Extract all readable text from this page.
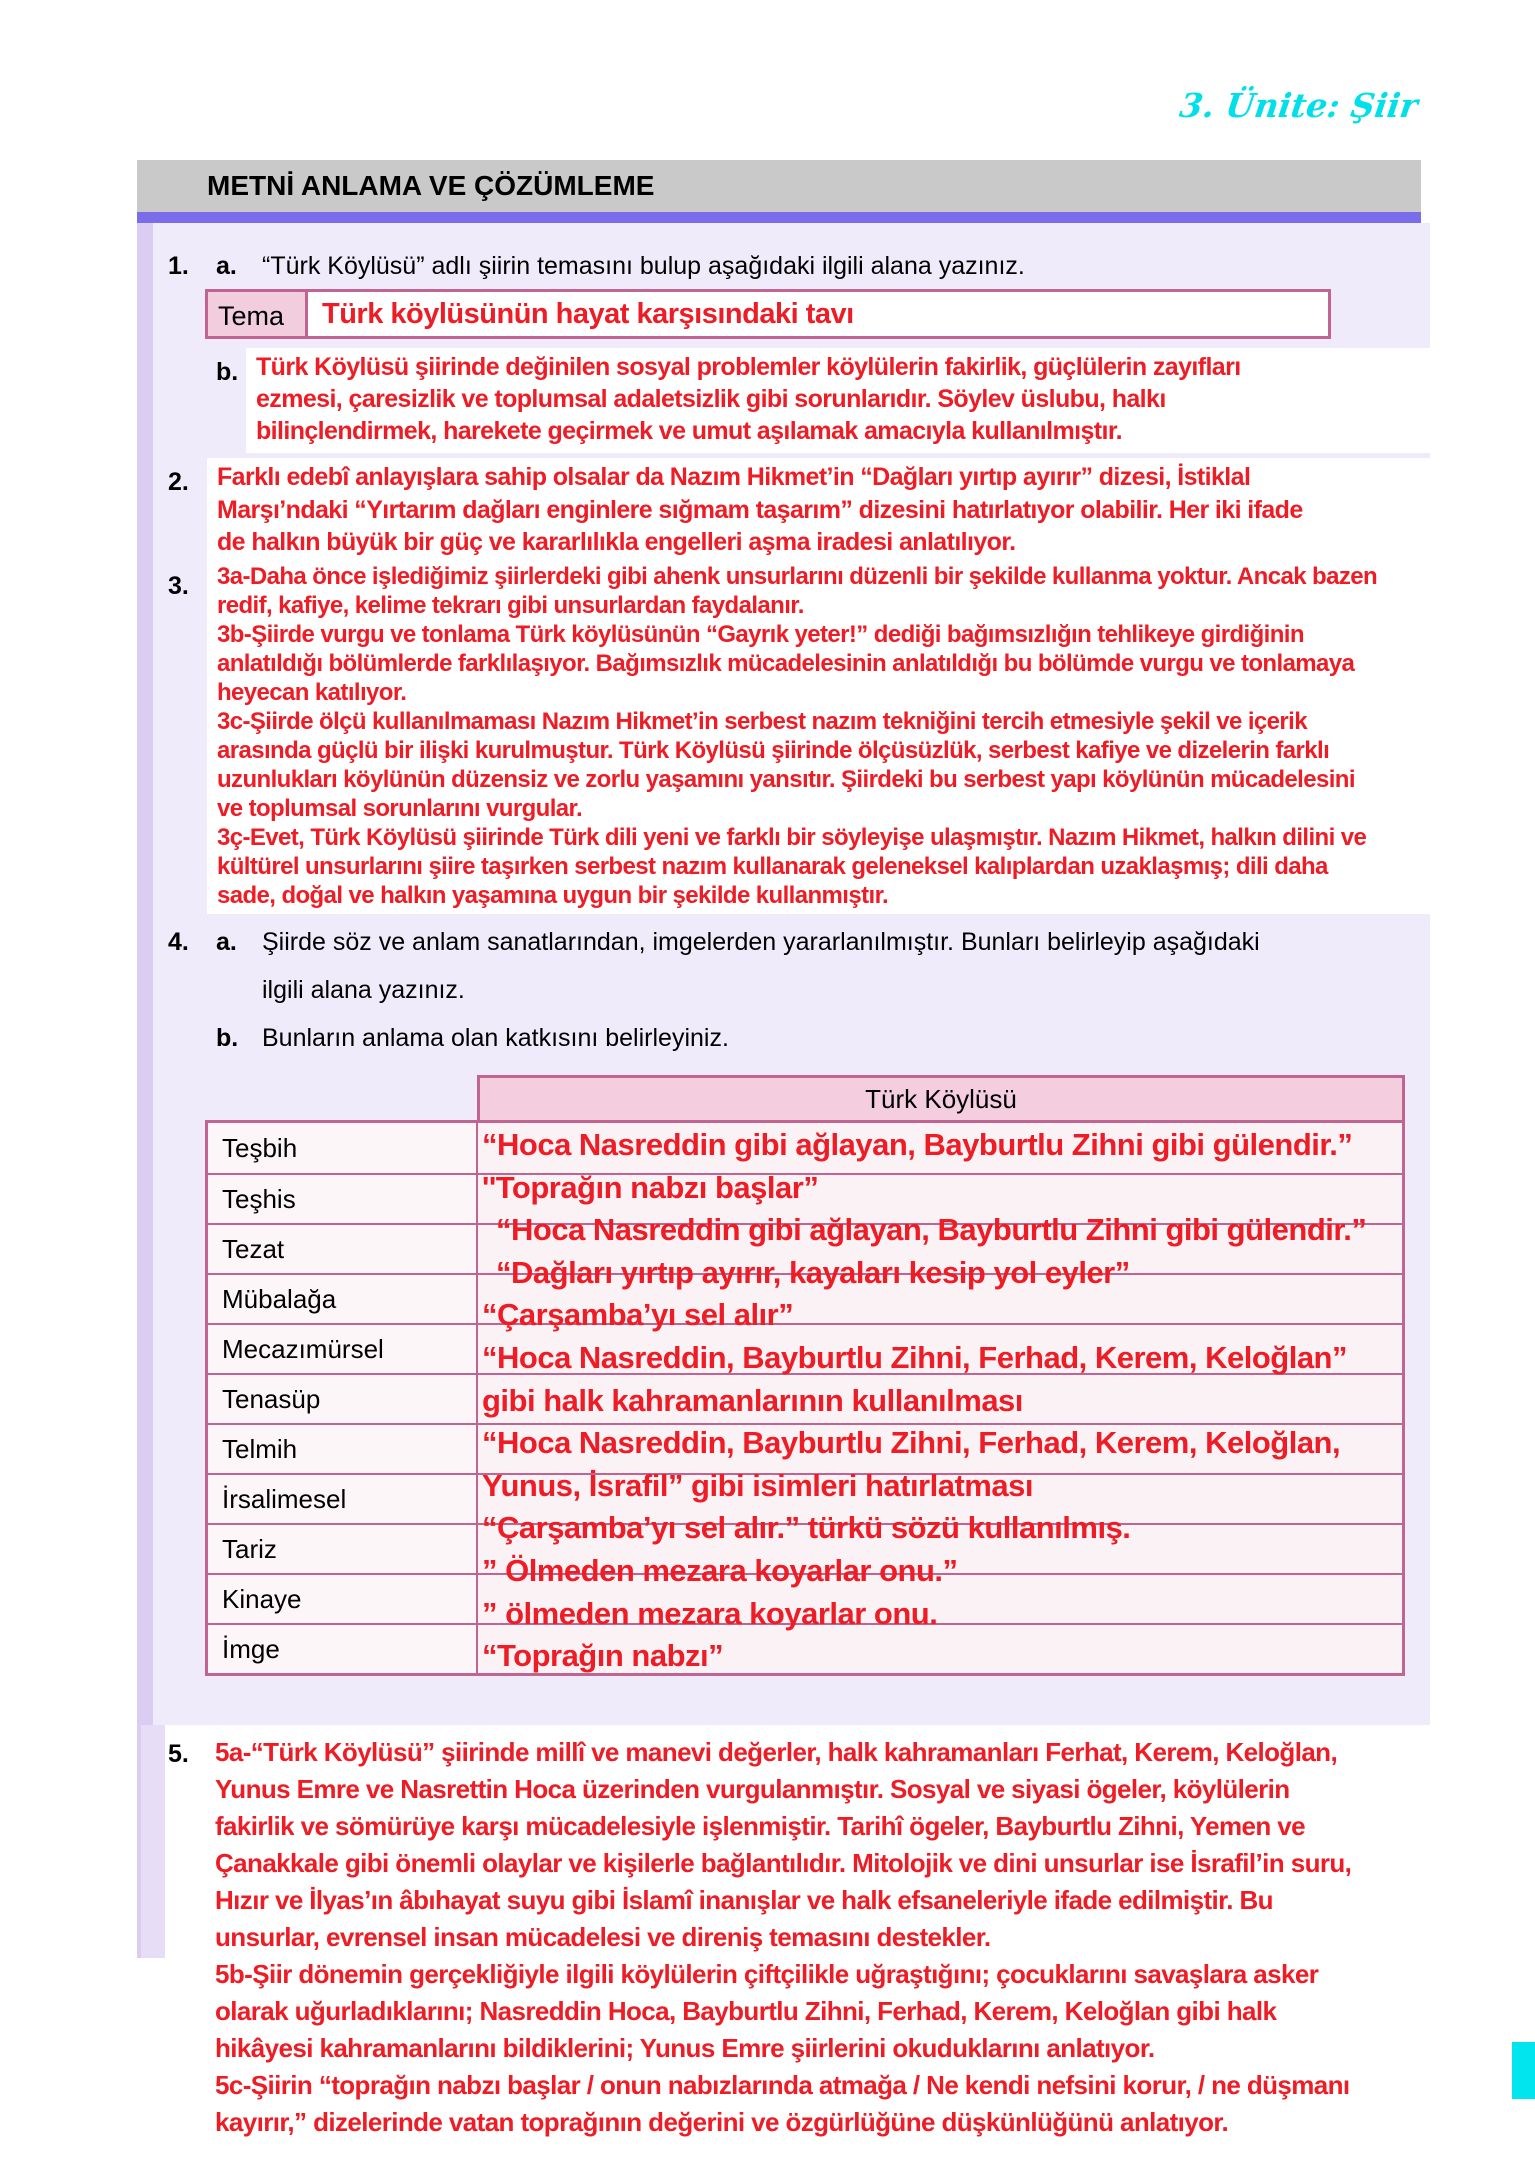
3. Ünite: Şiir
METNİ ANLAMA VE ÇÖZÜMLEME
1. a. “Türk Köylüsü” adlı şiirin temasını bulup aşağıdaki ilgili alana yazınız.
Tema	Türk köylüsünün hayat karşısındaki tavı
b. Türk Köylüsü şiirinde değinilen sosyal problemler köylülerin fakirlik, güçlülerin zayıfları
ezmesi, çaresizlik ve toplumsal adaletsizlik gibi sorunlarıdır. Söylev üslubu, halkı
bilinçlendirmek, harekete geçirmek ve umut aşılamak amacıyla kullanılmıştır.
2. Farklı edebî anlayışlara sahip olsalar da Nazım Hikmet’in “Dağları yırtıp ayırır” dizesi, İstiklal
Marşı’ndaki “Yırtarım dağları enginlere sığmam taşarım” dizesini hatırlatıyor olabilir. Her iki ifade
de halkın büyük bir güç ve kararlılıkla engelleri aşma iradesi anlatılıyor.
3. 3a-Daha önce işlediğimiz şiirlerdeki gibi ahenk unsurlarını düzenli bir şekilde kullanma yoktur. Ancak bazen
redif, kafiye, kelime tekrarı gibi unsurlardan faydalanır.
3b-Şiirde vurgu ve tonlama Türk köylüsünün “Gayrık yeter!” dediği bağımsızlığın tehlikeye girdiğinin
anlatıldığı bölümlerde farklılaşıyor. Bağımsızlık mücadelesinin anlatıldığı bu bölümde vurgu ve tonlamaya
heyecan katılıyor.
3c-Şiirde ölçü kullanılmaması Nazım Hikmet’in serbest nazım tekniğini tercih etmesiyle şekil ve içerik
arasında güçlü bir ilişki kurulmuştur. Türk Köylüsü şiirinde ölçüsüzlük, serbest kafiye ve dizelerin farklı
uzunlukları köylünün düzensiz ve zorlu yaşamını yansıtır. Şiirdeki bu serbest yapı köylünün mücadelesini
ve toplumsal sorunlarını vurgular.
3ç-Evet, Türk Köylüsü şiirinde Türk dili yeni ve farklı bir söyleyişe ulaşmıştır. Nazım Hikmet, halkın dilini ve
kültürel unsurlarını şiire taşırken serbest nazım kullanarak geleneksel kalıplardan uzaklaşmış; dili daha
sade, doğal ve halkın yaşamına uygun bir şekilde kullanmıştır.
4. a. Şiirde söz ve anlam sanatlarından, imgelerden yararlanılmıştır. Bunları belirleyip aşağıdaki
ilgili alana yazınız.
b. Bunların anlama olan katkısını belirleyiniz.
Türk Köylüsü
Teşbih
Teşhis
Tezat
Mübalağa
Mecazımürsel
Tenasüp
Telmih
İrsalimesel
Tariz
Kinaye
İmge
“Hoca Nasreddin gibi ağlayan, Bayburtlu Zihni gibi gülendir.”
''Toprağın nabzı başlar”
“Hoca Nasreddin gibi ağlayan, Bayburtlu Zihni gibi gülendir.”
“Dağları yırtıp ayırır, kayaları kesip yol eyler”
“Çarşamba’yı sel alır”
“Hoca Nasreddin, Bayburtlu Zihni, Ferhad, Kerem, Keloğlan”
gibi halk kahramanlarının kullanılması
“Hoca Nasreddin, Bayburtlu Zihni, Ferhad, Kerem, Keloğlan,
Yunus, İsrafil” gibi isimleri hatırlatması
“Çarşamba’yı sel alır.” türkü sözü kullanılmış.
” Ölmeden mezara koyarlar onu.”
” ölmeden mezara koyarlar onu.
“Toprağın nabzı”
5. 5a-“Türk Köylüsü” şiirinde millî ve manevi değerler, halk kahramanları Ferhat, Kerem, Keloğlan,
Yunus Emre ve Nasrettin Hoca üzerinden vurgulanmıştır. Sosyal ve siyasi ögeler, köylülerin
fakirlik ve sömürüye karşı mücadelesiyle işlenmiştir. Tarihî ögeler, Bayburtlu Zihni, Yemen ve
Çanakkale gibi önemli olaylar ve kişilerle bağlantılıdır. Mitolojik ve dini unsurlar ise İsrafil’in suru,
Hızır ve İlyas’ın âbıhayat suyu gibi İslamî inanışlar ve halk efsaneleriyle ifade edilmiştir. Bu
unsurlar, evrensel insan mücadelesi ve direniş temasını destekler.
5b-Şiir dönemin gerçekliğiyle ilgili köylülerin çiftçilikle uğraştığını; çocuklarını savaşlara asker
olarak uğurladıklarını; Nasreddin Hoca, Bayburtlu Zihni, Ferhad, Kerem, Keloğlan gibi halk
hikâyesi kahramanlarını bildiklerini; Yunus Emre şiirlerini okuduklarını anlatıyor.
5c-Şiirin “toprağın nabzı başlar / onun nabızlarında atmağa / Ne kendi nefsini korur, / ne düşmanı
kayırır,” dizelerinde vatan toprağının değerini ve özgürlüğüne düşkünlüğünü anlatıyor.
